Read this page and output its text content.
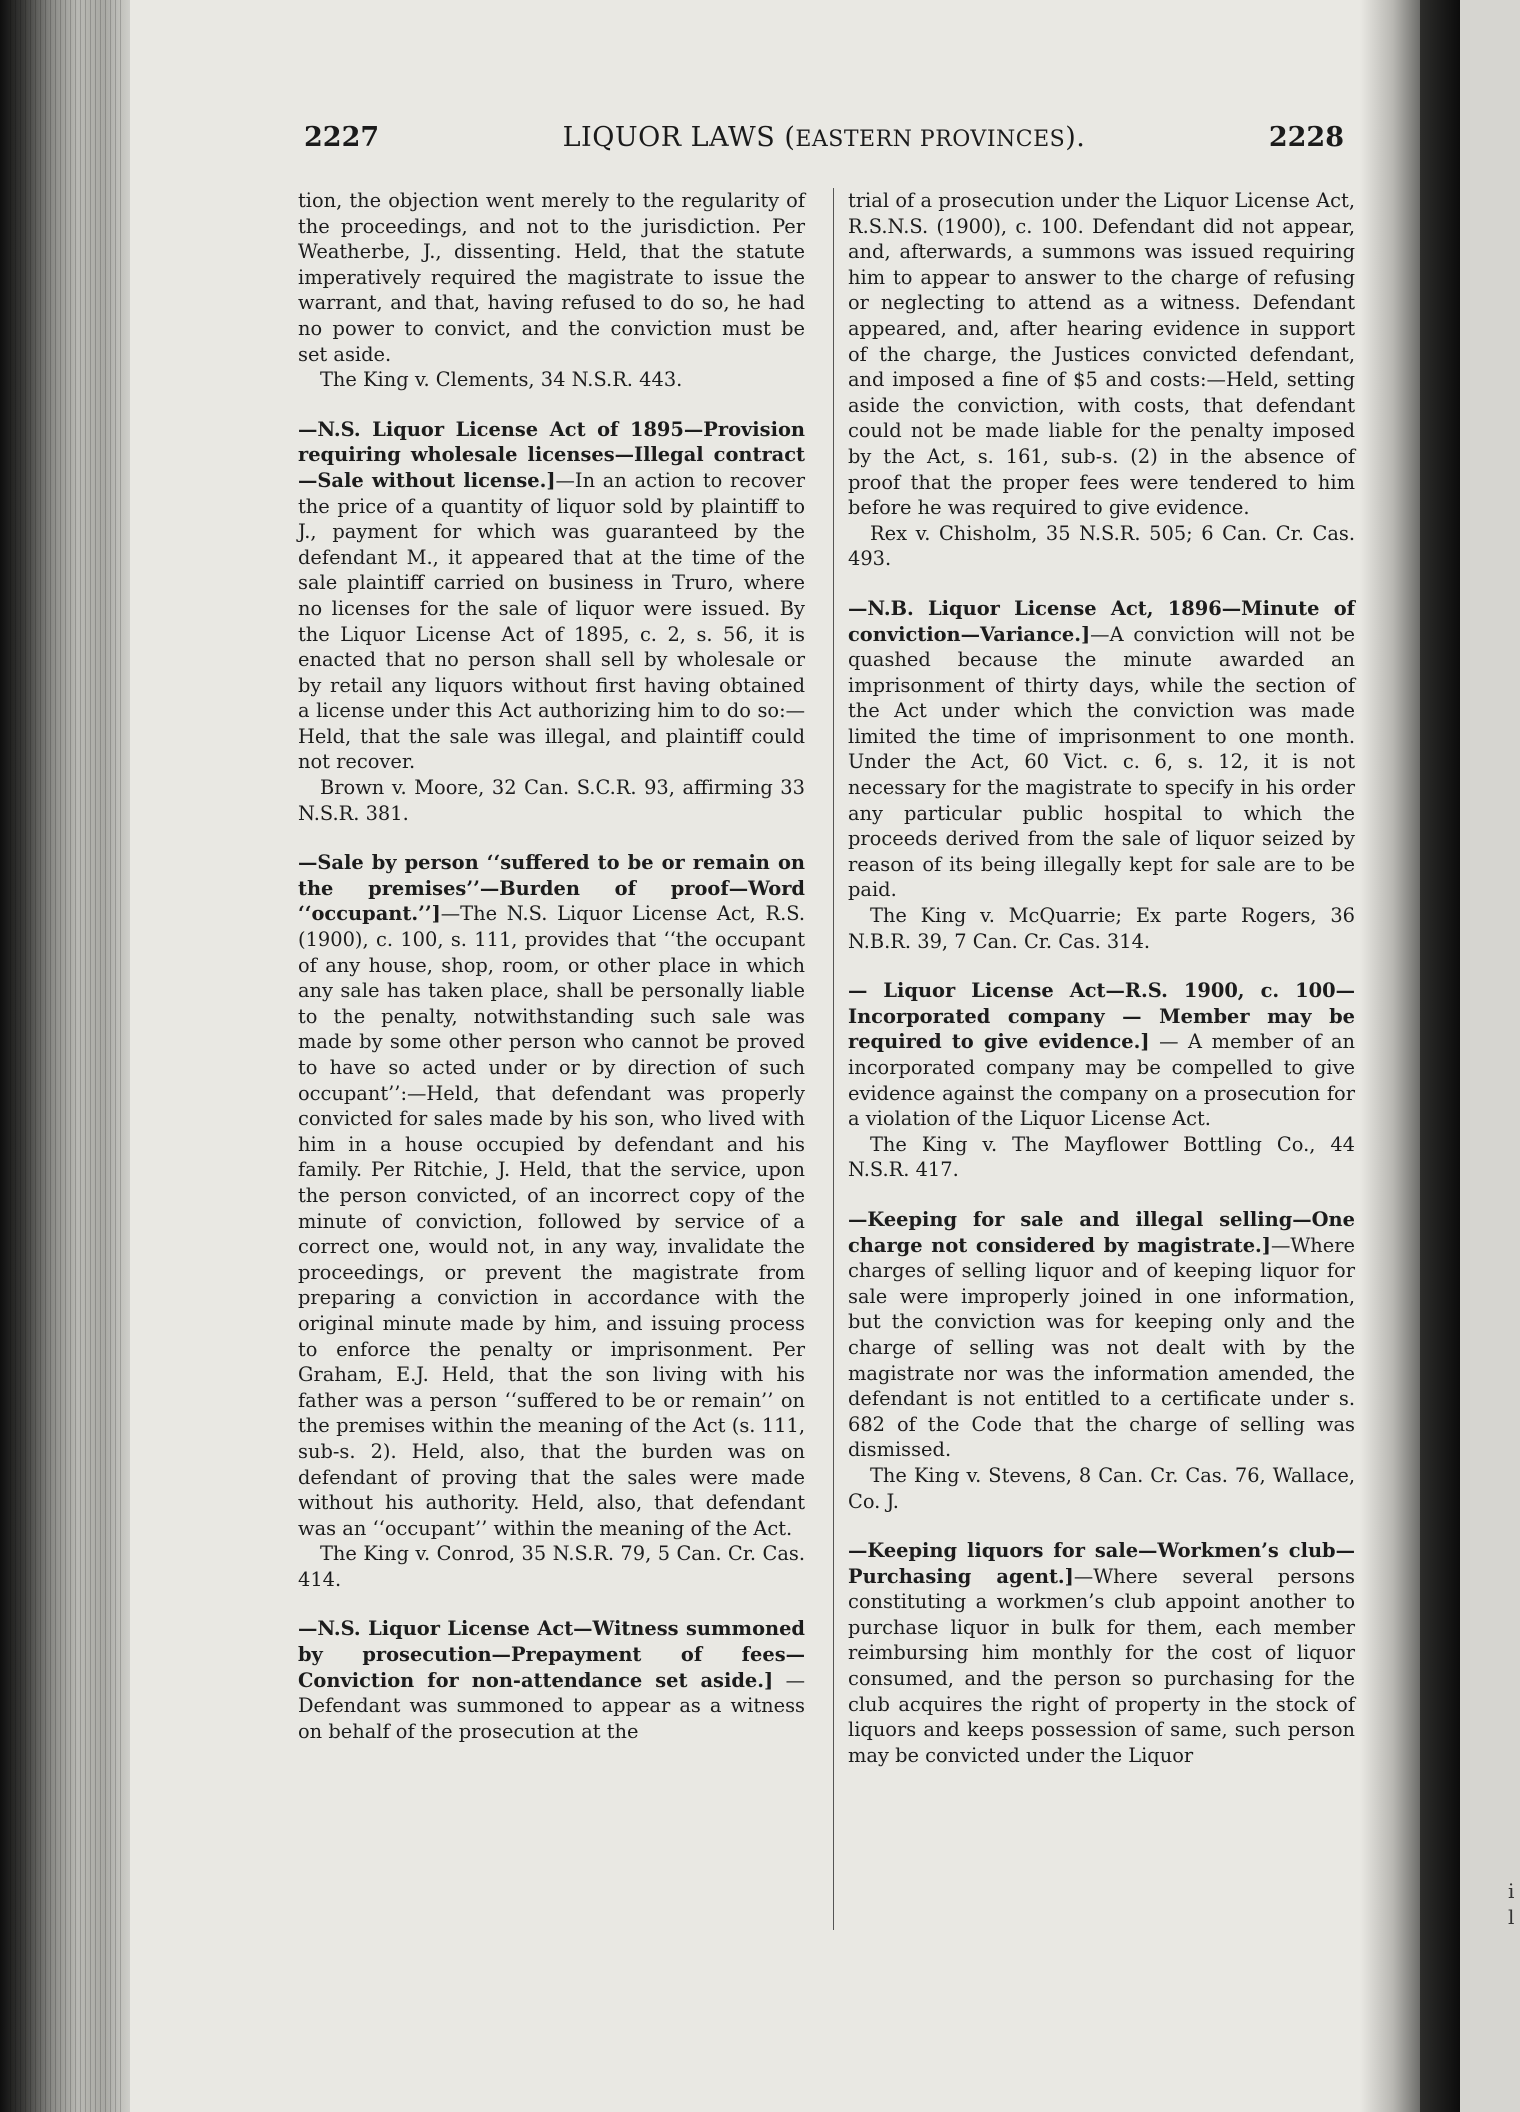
i
l
2227	LIQUOR LAWS (EASTERN PROVINCES).	2228

tion, the objection went merely to the regularity of the proceedings, and not to the jurisdiction. Per Weatherbe, J., dissenting. Held, that the statute imperatively required the magistrate to issue the warrant, and that, having refused to do so, he had no power to convict, and the conviction must be set aside.

The King v. Clements, 34 N.S.R. 443.

—N.S. Liquor License Act of 1895—Provision requiring wholesale licenses—Illegal contract—Sale without license.]—In an action to recover the price of a quantity of liquor sold by plaintiff to J., payment for which was guaranteed by the defendant M., it appeared that at the time of the sale plaintiff carried on business in Truro, where no licenses for the sale of liquor were issued. By the Liquor License Act of 1895, c. 2, s. 56, it is enacted that no person shall sell by wholesale or by retail any liquors without first having obtained a license under this Act authorizing him to do so:—Held, that the sale was illegal, and plaintiff could not recover.

Brown v. Moore, 32 Can. S.C.R. 93, affirming 33 N.S.R. 381.

—Sale by person ‘‘suffered to be or remain on the premises’’—Burden of proof—Word ‘‘occupant.’’]—The N.S. Liquor License Act, R.S. (1900), c. 100, s. 111, provides that ‘‘the occupant of any house, shop, room, or other place in which any sale has taken place, shall be personally liable to the penalty, notwithstanding such sale was made by some other person who cannot be proved to have so acted under or by direction of such occupant’’:—Held, that defendant was properly convicted for sales made by his son, who lived with him in a house occupied by defendant and his family. Per Ritchie, J. Held, that the service, upon the person convicted, of an incorrect copy of the minute of conviction, followed by service of a correct one, would not, in any way, invalidate the proceedings, or prevent the magistrate from preparing a conviction in accordance with the original minute made by him, and issuing process to enforce the penalty or imprisonment. Per Graham, E.J. Held, that the son living with his father was a person ‘‘suffered to be or remain’’ on the premises within the meaning of the Act (s. 111, sub-s. 2). Held, also, that the burden was on defendant of proving that the sales were made without his authority. Held, also, that defendant was an ‘‘occupant’’ within the meaning of the Act.

The King v. Conrod, 35 N.S.R. 79, 5 Can. Cr. Cas. 414.

—N.S. Liquor License Act—Witness summoned by prosecution—Prepayment of fees—Conviction for non-attendance set aside.] —Defendant was summoned to appear as a witness on behalf of the prosecution at the

trial of a prosecution under the Liquor License Act, R.S.N.S. (1900), c. 100. Defendant did not appear, and, afterwards, a summons was issued requiring him to appear to answer to the charge of refusing or neglecting to attend as a witness. Defendant appeared, and, after hearing evidence in support of the charge, the Justices convicted defendant, and imposed a fine of $5 and costs:—Held, setting aside the conviction, with costs, that defendant could not be made liable for the penalty imposed by the Act, s. 161, sub-s. (2) in the absence of proof that the proper fees were tendered to him before he was required to give evidence.

Rex v. Chisholm, 35 N.S.R. 505; 6 Can. Cr. Cas. 493.

—N.B. Liquor License Act, 1896—Minute of conviction—Variance.]—A conviction will not be quashed because the minute awarded an imprisonment of thirty days, while the section of the Act under which the conviction was made limited the time of imprisonment to one month. Under the Act, 60 Vict. c. 6, s. 12, it is not necessary for the magistrate to specify in his order any particular public hospital to which the proceeds derived from the sale of liquor seized by reason of its being illegally kept for sale are to be paid.

The King v. McQuarrie; Ex parte Rogers, 36 N.B.R. 39, 7 Can. Cr. Cas. 314.

— Liquor License Act—R.S. 1900, c. 100—Incorporated company — Member may be required to give evidence.] — A member of an incorporated company may be compelled to give evidence against the company on a prosecution for a violation of the Liquor License Act.

The King v. The Mayflower Bottling Co., 44 N.S.R. 417.

—Keeping for sale and illegal selling—One charge not considered by magistrate.]—Where charges of selling liquor and of keeping liquor for sale were improperly joined in one information, but the conviction was for keeping only and the charge of selling was not dealt with by the magistrate nor was the information amended, the defendant is not entitled to a certificate under s. 682 of the Code that the charge of selling was dismissed.

The King v. Stevens, 8 Can. Cr. Cas. 76, Wallace, Co. J.

—Keeping liquors for sale—Workmen’s club—Purchasing agent.]—Where several persons constituting a workmen’s club appoint another to purchase liquor in bulk for them, each member reimbursing him monthly for the cost of liquor consumed, and the person so purchasing for the club acquires the right of property in the stock of liquors and keeps possession of same, such person may be convicted under the Liquor
